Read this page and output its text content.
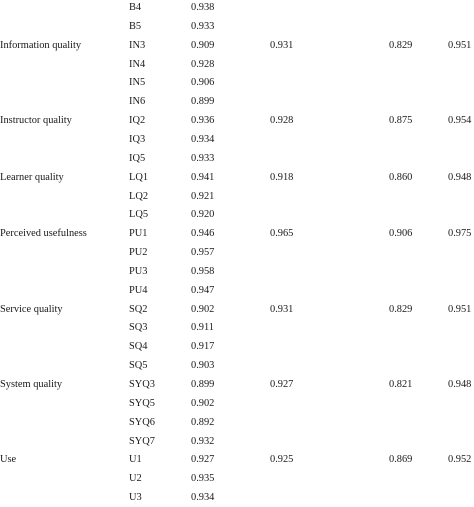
B4	0.938
B5	0.933
Information quality	IN3	0.909	0.931	0.829	0.951
IN4	0.928
IN5	0.906
IN6	0.899
Instructor quality	IQ2	0.936	0.928	0.875	0.954
IQ3	0.934
IQ5	0.933
Learner quality	LQ1	0.941	0.918	0.860	0.948
LQ2	0.921
LQ5	0.920
Perceived usefulness	PU1	0.946	0.965	0.906	0.975
PU2	0.957
PU3	0.958
PU4	0.947
Service quality	SQ2	0.902	0.931	0.829	0.951
SQ3	0.911
SQ4	0.917
SQ5	0.903
System quality	SYQ3	0.899	0.927	0.821	0.948
SYQ5	0.902
SYQ6	0.892
SYQ7	0.932
Use	U1	0.927	0.925	0.869	0.952
U2	0.935
U3	0.934
